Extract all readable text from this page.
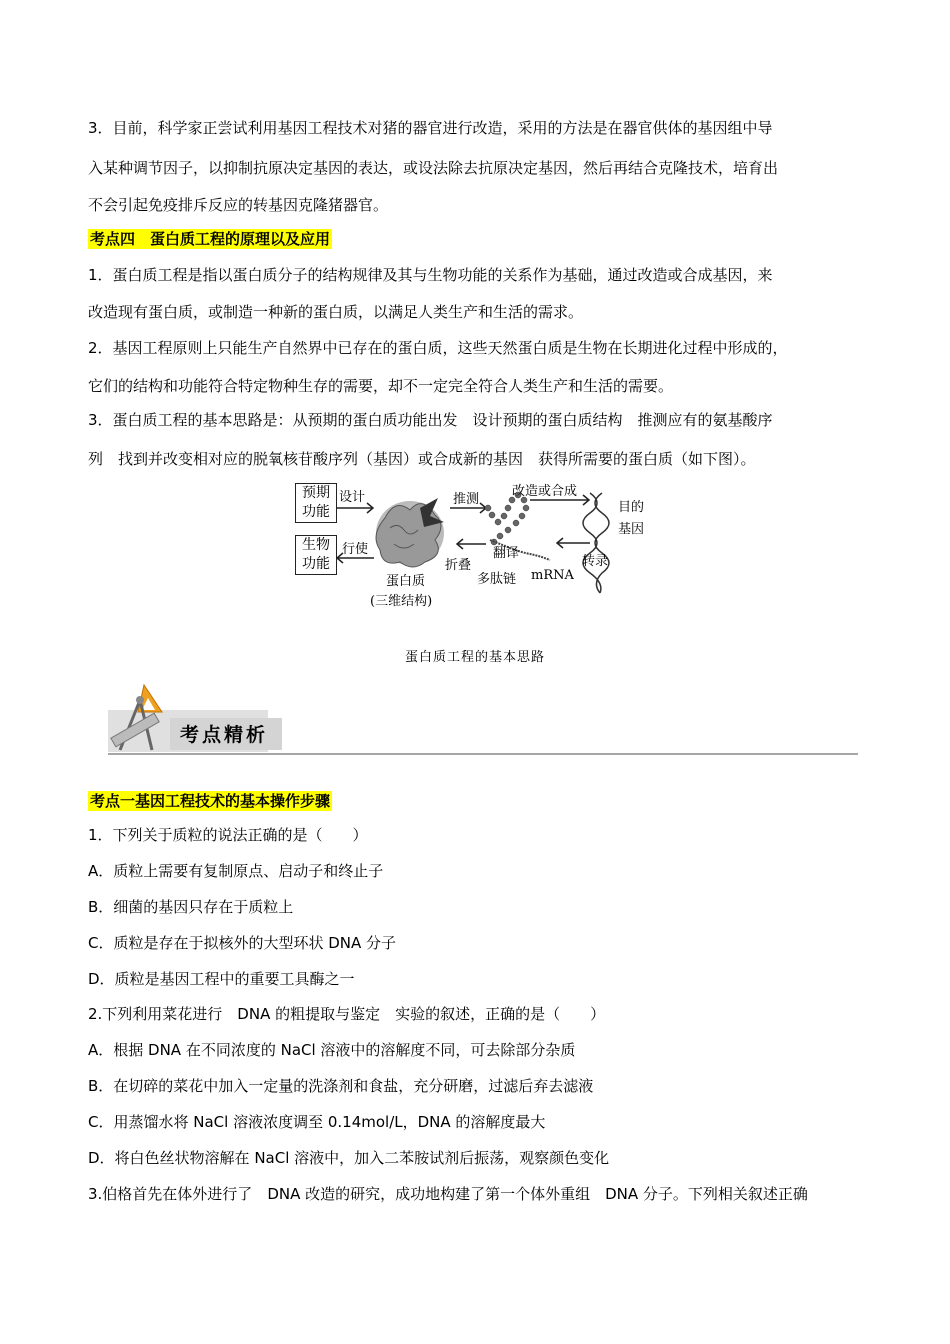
3．目前，科学家正尝试利用基因工程技术对猪的器官进行改造，采用的方法是在器官供体的基因组中导
入某种调节因子，以抑制抗原决定基因的表达，或设法除去抗原决定基因，然后再结合克隆技术，培育出
不会引起免疫排斥反应的转基因克隆猪器官。
考点四　蛋白质工程的原理以及应用
1．蛋白质工程是指以蛋白质分子的结构规律及其与生物功能的关系作为基础，通过改造或合成基因，来
改造现有蛋白质，或制造一种新的蛋白质，以满足人类生产和生活的需求。
2．基因工程原则上只能生产自然界中已存在的蛋白质，这些天然蛋白质是生物在长期进化过程中形成的，
它们的结构和功能符合特定物种生存的需要，却不一定完全符合人类生产和生活的需要。
3．蛋白质工程的基本思路是：从预期的蛋白质功能出发　设计预期的蛋白质结构　推测应有的氨基酸序
列　找到并改变相对应的脱氧核苷酸序列（基因）或合成新的基因　获得所需要的蛋白质（如下图）。
预期功能
生物功能
设计
行使
推测
改造或合成
目的
基因
转录
翻译
折叠
多肽链 mRNA
蛋白质
(三维结构)
蛋白质工程的基本思路
考点精析
考点一基因工程技术的基本操作步骤
1．下列关于质粒的说法正确的是（　　）
A．质粒上需要有复制原点、启动子和终止子
B．细菌的基因只存在于质粒上
C．质粒是存在于拟核外的大型环状 DNA 分子
D．质粒是基因工程中的重要工具酶之一
2.下列利用菜花进行　DNA 的粗提取与鉴定　实验的叙述，正确的是（　　）
A．根据 DNA 在不同浓度的 NaCl 溶液中的溶解度不同，可去除部分杂质
B．在切碎的菜花中加入一定量的洗涤剂和食盐，充分研磨，过滤后弃去滤液
C．用蒸馏水将 NaCl 溶液浓度调至 0.14mol/L，DNA 的溶解度最大
D．将白色丝状物溶解在 NaCl 溶液中，加入二苯胺试剂后振荡，观察颜色变化
3.伯格首先在体外进行了　DNA 改造的研究，成功地构建了第一个体外重组　DNA 分子。下列相关叙述正确
